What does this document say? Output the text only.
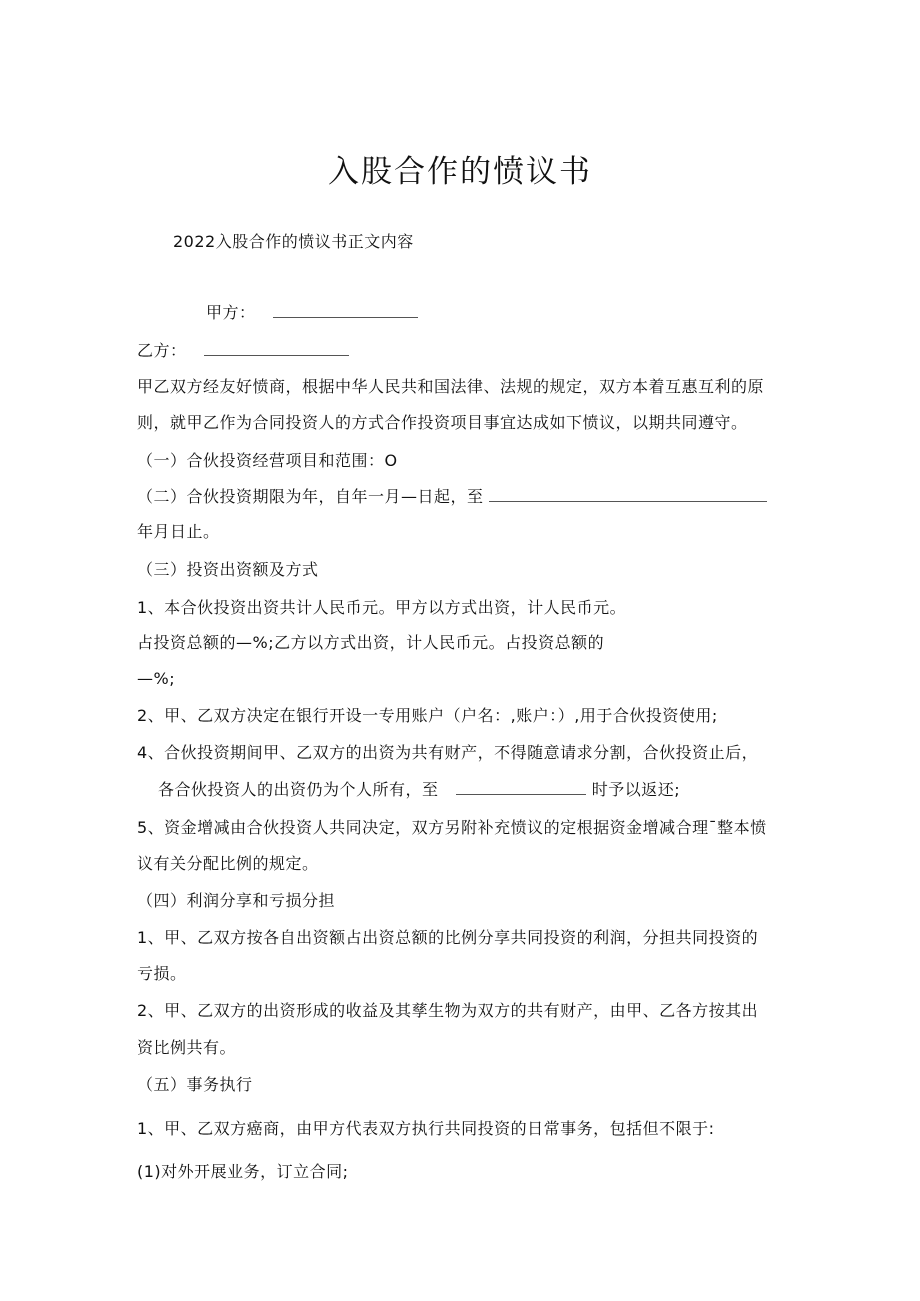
入股合作的愤议书
2022入股合作的愤议书正文内容
甲方：
乙方：
甲乙双方经友好愤商，根据中华人民共和国法律、法规的规定，双方本着互惠互利的原
则，就甲乙作为合同投资人的方式合作投资项目事宜达成如下愤议，以期共同遵守。
（一）合伙投资经营项目和范围：O
（二）合伙投资期限为年，自年一月—日起，至
年月日止。
（三）投资出资额及方式
1、本合伙投资出资共计人民币元。甲方以方式出资，计人民币元。
占投资总额的—%;乙方以方式出资，计人民币元。占投资总额的
—%;
2、甲、乙双方决定在银行开设一专用账户（户名：,账户：）,用于合伙投资使用;
4、合伙投资期间甲、乙双方的出资为共有财产，不得随意请求分割，合伙投资止后，
各合伙投资人的出资仍为个人所有，至	时予以返还;
5、资金增减由合伙投资人共同决定，双方另附补充愤议的定根据资金增减合理ˉ整本愤
议有关分配比例的规定。
（四）利润分享和亏损分担
1、甲、乙双方按各自出资额占出资总额的比例分享共同投资的利润，分担共同投资的
亏损。
2、甲、乙双方的出资形成的收益及其孳生物为双方的共有财产，由甲、乙各方按其出
资比例共有。
（五）事务执行
1、甲、乙双方癌商，由甲方代表双方执行共同投资的日常事务，包括但不限于:
(1)对外开展业务，订立合同;
